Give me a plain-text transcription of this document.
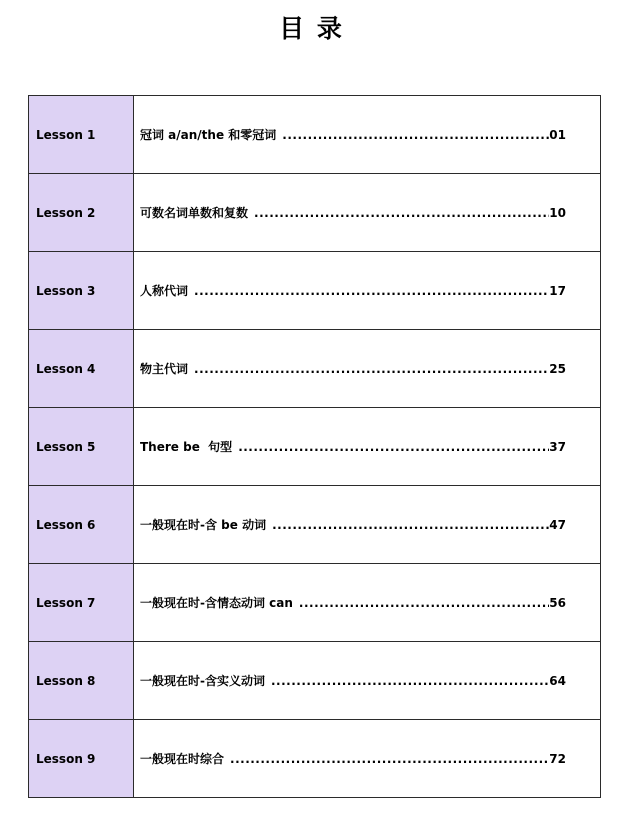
目 录
Lesson 1	冠词 a/an/the 和零冠词 ..... 01

Lesson 2	可数名词单数和复数 ..... 10

Lesson 3	人称代词 ..... 17

Lesson 4	物主代词 ..... 25

Lesson 5	There be  句型 ..... 37

Lesson 6	一般现在时-含 be 动词 ..... 47

Lesson 7	一般现在时-含情态动词 can ..... 56

Lesson 8	一般现在时-含实义动词 ..... 64

Lesson 9	一般现在时综合 ..... 72
